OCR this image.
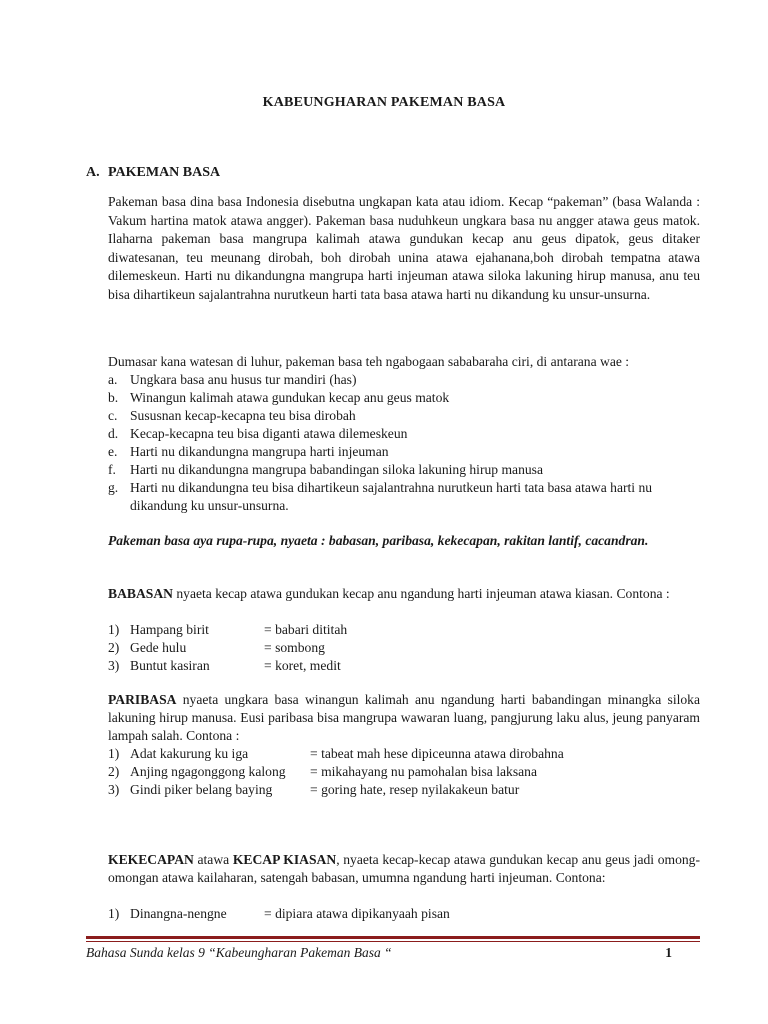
KABEUNGHARAN PAKEMAN BASA
A. PAKEMAN BASA
Pakeman basa dina basa Indonesia disebutna ungkapan kata atau idiom. Kecap “pakeman” (basa Walanda : Vakum hartina matok atawa angger). Pakeman basa nuduhkeun ungkara basa nu angger atawa geus matok. Ilaharna pakeman basa mangrupa kalimah atawa gundukan kecap anu geus dipatok, geus ditaker diwatesanan, teu meunang dirobah, boh dirobah unina atawa ejahanana,boh dirobah tempatna atawa dilemeskeun. Harti nu dikandungna mangrupa harti injeuman atawa siloka lakuning hirup manusa, anu teu bisa dihartikeun sajalantrahna nurutkeun harti tata basa atawa harti nu dikandung ku unsur-unsurna.
Dumasar kana watesan di luhur, pakeman basa teh ngabogaan sababaraha ciri, di antarana wae :
a. Ungkara basa anu husus tur mandiri (has)
b. Winangun kalimah atawa gundukan kecap anu geus matok
c. Sususnan kecap-kecapna teu bisa dirobah
d. Kecap-kecapna teu bisa diganti atawa dilemeskeun
e. Harti nu dikandungna mangrupa harti injeuman
f. Harti nu dikandungna mangrupa babandingan siloka lakuning hirup manusa
g. Harti nu dikandungna teu bisa dihartikeun sajalantrahna nurutkeun harti tata basa atawa harti nu dikandung ku unsur-unsurna.
Pakeman basa aya rupa-rupa, nyaeta : babasan, paribasa, kekecapan, rakitan lantif, cacandran.
BABASAN nyaeta kecap atawa gundukan kecap anu ngandung harti injeuman atawa kiasan. Contona :
1) Hampang birit	= babari dititah
2) Gede hulu	= sombong
3) Buntut kasiran	= koret, medit
PARIBASA nyaeta ungkara basa winangun kalimah anu ngandung harti babandingan minangka siloka lakuning hirup manusa. Eusi paribasa bisa mangrupa wawaran luang, pangjurung laku alus, jeung panyaram lampah salah. Contona :
1) Adat kakurung ku iga	= tabeat mah hese dipiceunna atawa dirobahna
2) Anjing ngagonggong kalong = mikahayang nu pamohalan bisa laksana
3) Gindi piker belang baying	= goring hate, resep nyilakakeun batur
KEKECAPAN atawa KECAP KIASAN, nyaeta kecap-kecap atawa gundukan kecap anu geus jadi omong-omongan atawa kailaharan, satengah babasan, umumna ngandung harti injeuman. Contona:
1) Dinangna-nengne	= dipiara atawa dipikanyaah pisan
Bahasa Sunda kelas 9 “Kabeungharan Pakeman Basa “	1
